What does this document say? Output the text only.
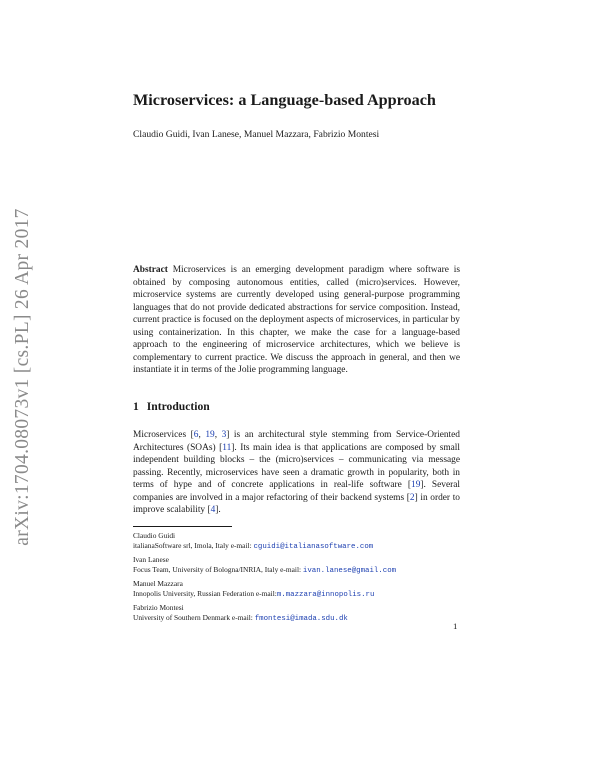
arXiv:1704.08073v1 [cs.PL] 26 Apr 2017
Microservices: a Language-based Approach
Claudio Guidi, Ivan Lanese, Manuel Mazzara, Fabrizio Montesi

Abstract Microservices is an emerging development paradigm where software is obtained by composing autonomous entities, called (micro)services. However, microservice systems are currently developed using general-purpose programming languages that do not provide dedicated abstractions for service composition. Instead, current practice is focused on the deployment aspects of microservices, in particular by using containerization. In this chapter, we make the case for a language-based approach to the engineering of microservice architectures, which we believe is complementary to current practice. We discuss the approach in general, and then we instantiate it in terms of the Jolie programming language.

1 Introduction

Microservices [6, 19, 3] is an architectural style stemming from Service-Oriented Architectures (SOAs) [11]. Its main idea is that applications are composed by small independent building blocks – the (micro)services – communicating via message passing. Recently, microservices have seen a dramatic growth in popularity, both in terms of hype and of concrete applications in real-life software [19]. Several companies are involved in a major refactoring of their backend systems [2] in order to improve scalability [4].

Claudio Guidi
italianaSoftware srl, Imola, Italy e-mail: cguidi@italianasoftware.com
Ivan Lanese
Focus Team, University of Bologna/INRIA, Italy e-mail: ivan.lanese@gmail.com
Manuel Mazzara
Innopolis University, Russian Federation e-mail:m.mazzara@innopolis.ru
Fabrizio Montesi
University of Southern Denmark e-mail: fmontesi@imada.sdu.dk
1
